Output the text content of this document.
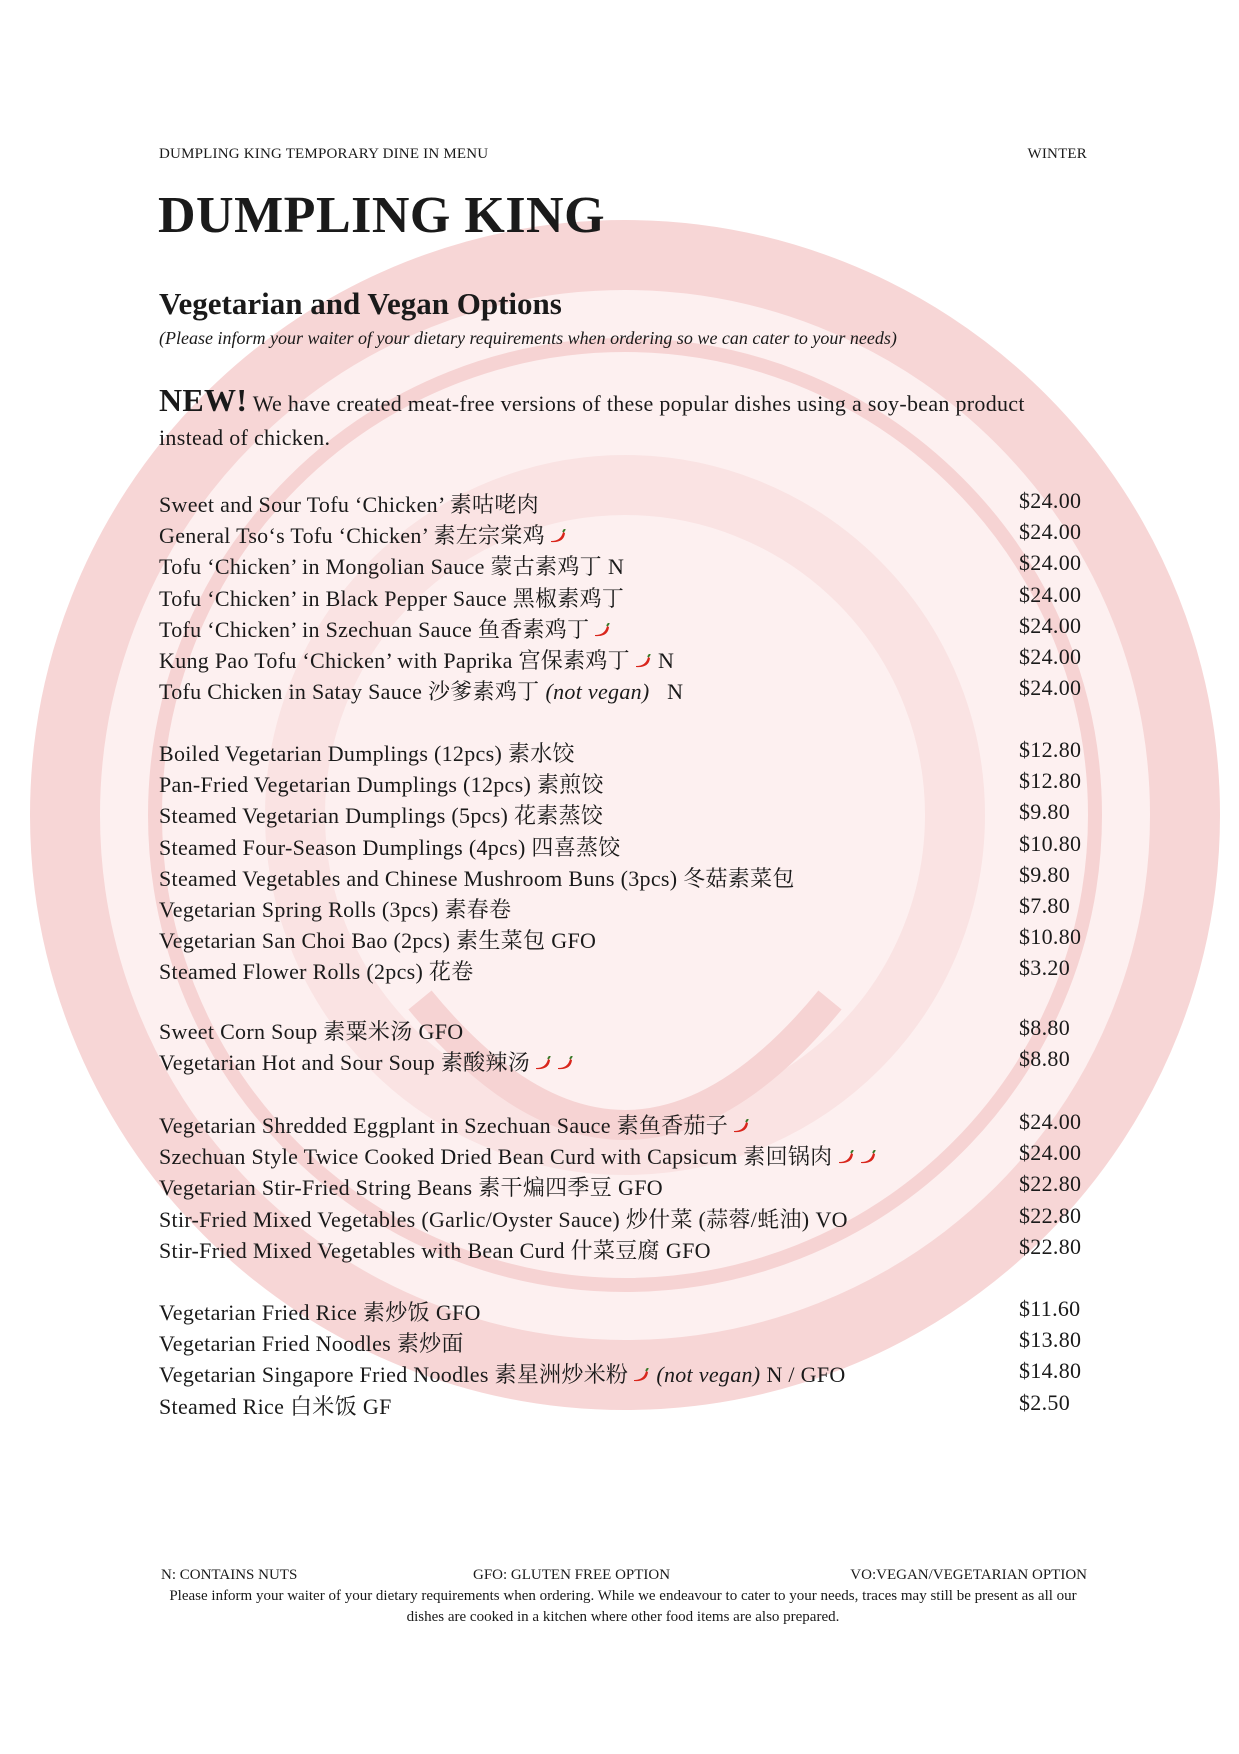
DUMPLING KING TEMPORARY DINE IN MENU	WINTER
DUMPLING KING
Vegetarian and Vegan Options
(Please inform your waiter of your dietary requirements when ordering so we can cater to your needs)
NEW! We have created meat-free versions of these popular dishes using a soy-bean product instead of chicken.
Sweet and Sour Tofu ‘Chicken’ 素咕咾肉	$24.00
General Tso‘s Tofu ‘Chicken’ 素左宗棠鸡	$24.00
Tofu ‘Chicken’ in Mongolian Sauce 蒙古素鸡丁 N	$24.00
Tofu ‘Chicken’ in Black Pepper Sauce 黑椒素鸡丁	$24.00
Tofu ‘Chicken’ in Szechuan Sauce 鱼香素鸡丁	$24.00
Kung Pao Tofu ‘Chicken’ with Paprika 宫保素鸡丁 N	$24.00
Tofu Chicken in Satay Sauce 沙爹素鸡丁 (not vegan)  N	$24.00
Boiled Vegetarian Dumplings (12pcs) 素水饺	$12.80
Pan-Fried Vegetarian Dumplings (12pcs) 素煎饺	$12.80
Steamed Vegetarian Dumplings (5pcs) 花素蒸饺	$9.80
Steamed Four-Season Dumplings (4pcs) 四喜蒸饺	$10.80
Steamed Vegetables and Chinese Mushroom Buns (3pcs) 冬菇素菜包	$9.80
Vegetarian Spring Rolls (3pcs) 素春卷	$7.80
Vegetarian San Choi Bao (2pcs) 素生菜包 GFO	$10.80
Steamed Flower Rolls (2pcs) 花卷	$3.20
Sweet Corn Soup 素粟米汤 GFO	$8.80
Vegetarian Hot and Sour Soup 素酸辣汤	$8.80
Vegetarian Shredded Eggplant in Szechuan Sauce 素鱼香茄子	$24.00
Szechuan Style Twice Cooked Dried Bean Curd with Capsicum 素回锅肉	$24.00
Vegetarian Stir-Fried String Beans 素干煸四季豆 GFO	$22.80
Stir-Fried Mixed Vegetables (Garlic/Oyster Sauce) 炒什菜 (蒜蓉/蚝油) VO	$22.80
Stir-Fried Mixed Vegetables with Bean Curd 什菜豆腐 GFO	$22.80
Vegetarian Fried Rice 素炒饭 GFO	$11.60
Vegetarian Fried Noodles 素炒面	$13.80
Vegetarian Singapore Fried Noodles 素星洲炒米粉 (not vegan) N / GFO	$14.80
Steamed Rice 白米饭 GF	$2.50
N: CONTAINS NUTS	GFO: GLUTEN FREE OPTION	VO:VEGAN/VEGETARIAN OPTION
Please inform your waiter of your dietary requirements when ordering. While we endeavour to cater to your needs, traces may still be present as all our dishes are cooked in a kitchen where other food items are also prepared.
